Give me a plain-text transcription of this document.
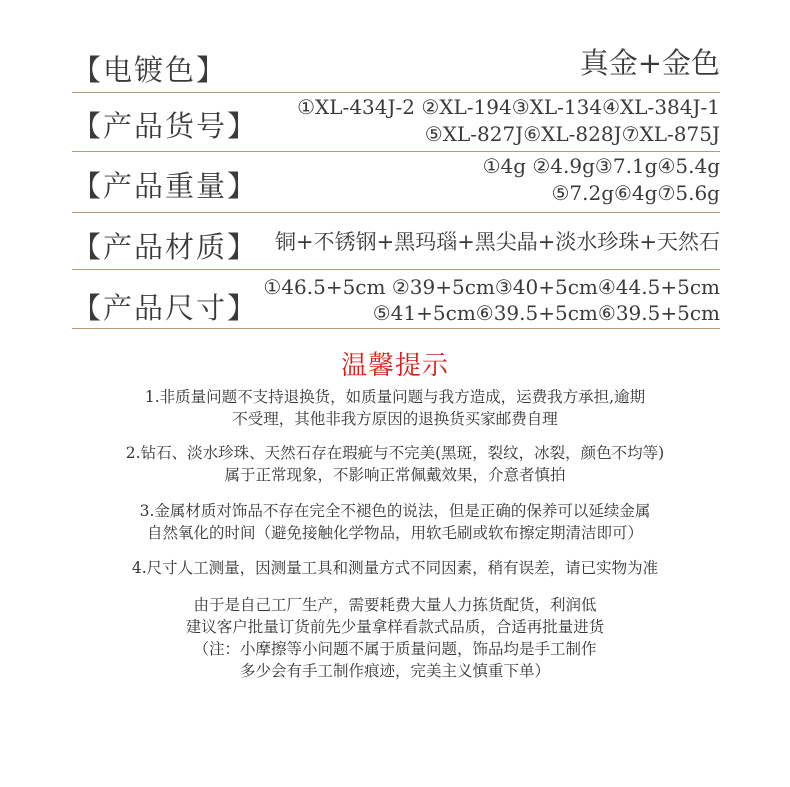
【电镀色】	真金+金色
【产品货号】
①XL-434J-2 ②XL-194③XL-134④XL-384J-1
⑤XL-827J⑥XL-828J⑦XL-875J
【产品重量】
①4g ②4.9g③7.1g④5.4g
⑤7.2g⑥4g⑦5.6g
【产品材质】 铜+不锈钢+黑玛瑙+黑尖晶+淡水珍珠+天然石
【产品尺寸】
①46.5+5cm ②39+5cm③40+5cm④44.5+5cm
⑤41+5cm⑥39.5+5cm⑥39.5+5cm
温馨提示
1.非质量问题不支持退换货，如质量问题与我方造成，运费我方承担,逾期
不受理，其他非我方原因的退换货买家邮费自理
2.钻石、淡水珍珠、天然石存在瑕疵与不完美(黑斑，裂纹，冰裂，颜色不均等)
属于正常现象，不影响正常佩戴效果，介意者慎拍
3.金属材质对饰品不存在完全不褪色的说法，但是正确的保养可以延续金属
自然氧化的时间（避免接触化学物品，用软毛刷或软布擦定期清洁即可）
4.尺寸人工测量，因测量工具和测量方式不同因素，稍有误差，请已实物为准
由于是自己工厂生产，需要耗费大量人力拣货配货，利润低
建议客户批量订货前先少量拿样看款式品质，合适再批量进货
（注：小摩擦等小问题不属于质量问题，饰品均是手工制作
多少会有手工制作痕迹，完美主义慎重下单）
